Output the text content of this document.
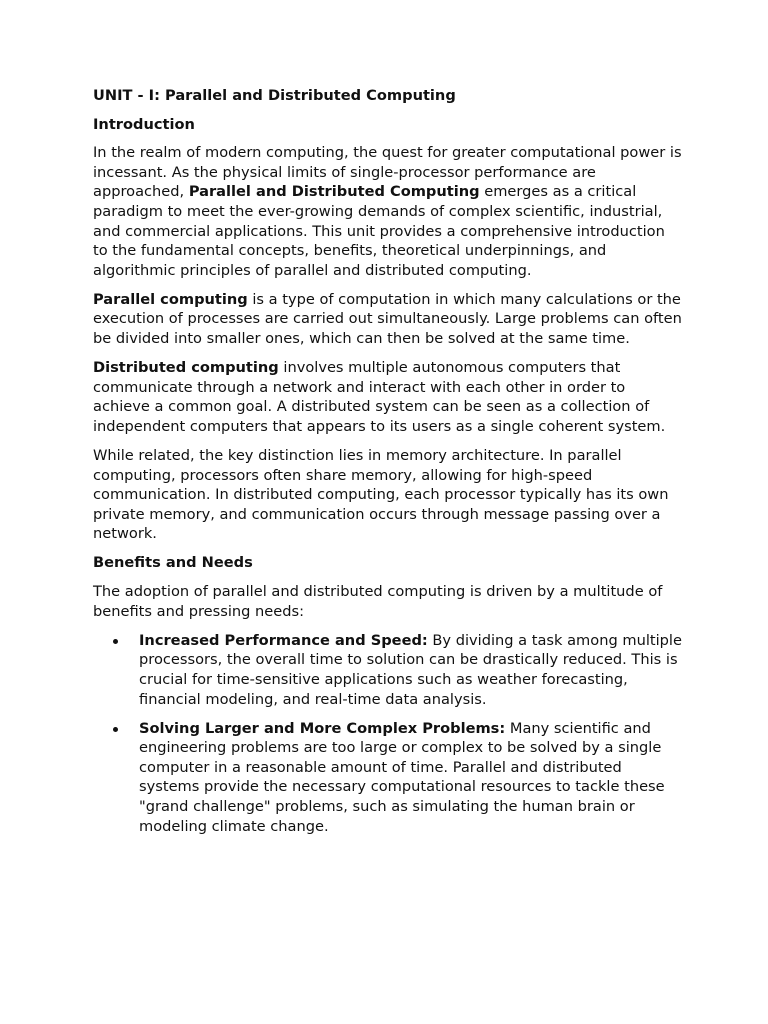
UNIT - I: Parallel and Distributed Computing
Introduction

In the realm of modern computing, the quest for greater computational power is incessant. As the physical limits of single-processor performance are approached, Parallel and Distributed Computing emerges as a critical paradigm to meet the ever-growing demands of complex scientific, industrial, and commercial applications. This unit provides a comprehensive introduction to the fundamental concepts, benefits, theoretical underpinnings, and algorithmic principles of parallel and distributed computing.

Parallel computing is a type of computation in which many calculations or the execution of processes are carried out simultaneously. Large problems can often be divided into smaller ones, which can then be solved at the same time.

Distributed computing involves multiple autonomous computers that communicate through a network and interact with each other in order to achieve a common goal. A distributed system can be seen as a collection of independent computers that appears to its users as a single coherent system.

While related, the key distinction lies in memory architecture. In parallel computing, processors often share memory, allowing for high-speed communication. In distributed computing, each processor typically has its own private memory, and communication occurs through message passing over a network.

Benefits and Needs

The adoption of parallel and distributed computing is driven by a multitude of benefits and pressing needs:

Increased Performance and Speed: By dividing a task among multiple processors, the overall time to solution can be drastically reduced. This is crucial for time-sensitive applications such as weather forecasting, financial modeling, and real-time data analysis.
Solving Larger and More Complex Problems: Many scientific and engineering problems are too large or complex to be solved by a single computer in a reasonable amount of time. Parallel and distributed systems provide the necessary computational resources to tackle these "grand challenge" problems, such as simulating the human brain or modeling climate change.
